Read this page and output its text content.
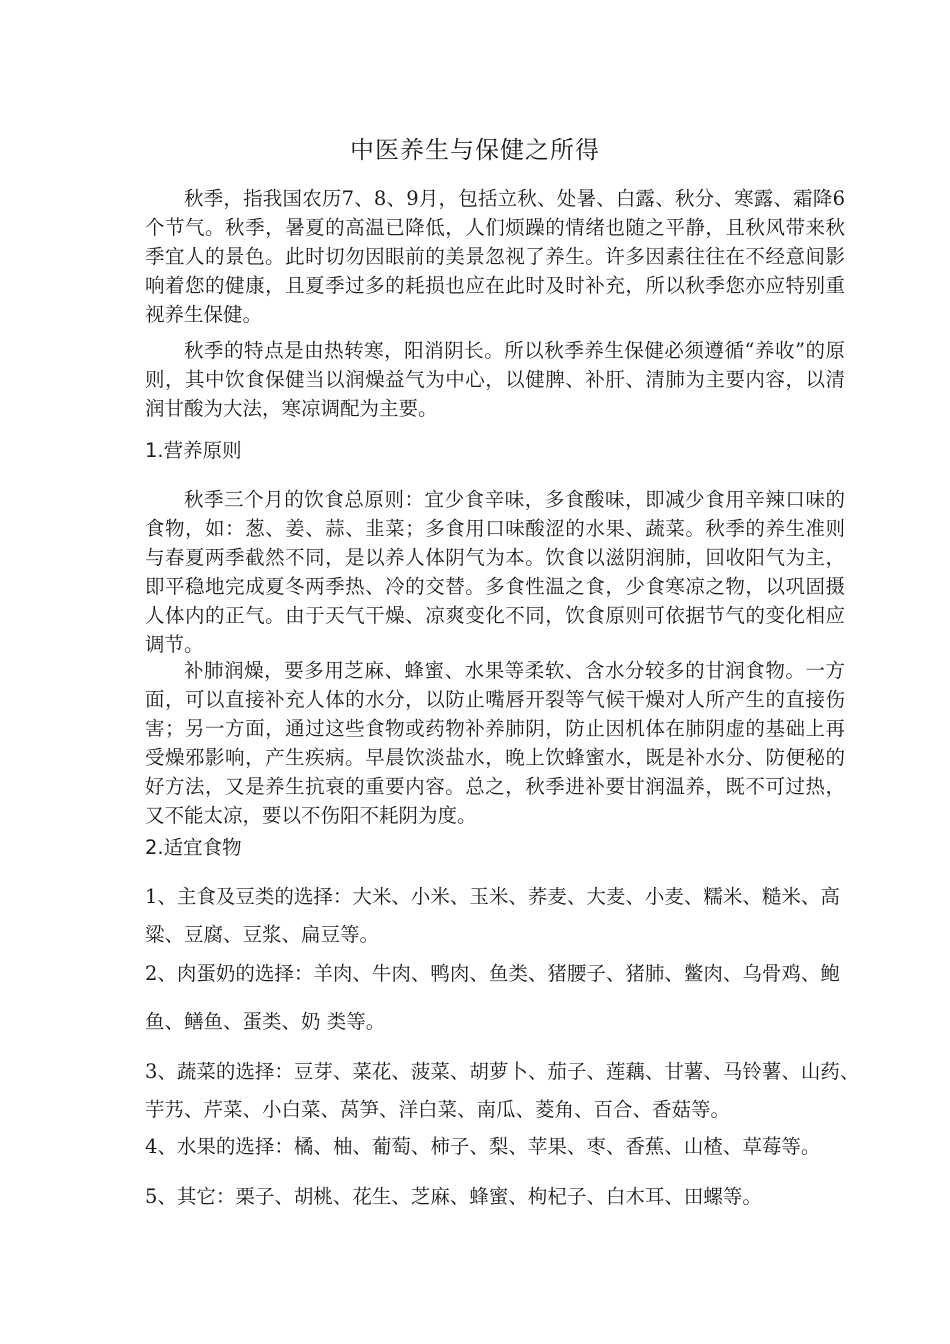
中医养生与保健之所得

秋季，指我国农历7、8、9月，包括立秋、处暑、白露、秋分、寒露、霜降6个节气。秋季，暑夏的高温已降低，人们烦躁的情绪也随之平静，且秋风带来秋季宜人的景色。此时切勿因眼前的美景忽视了养生。许多因素往往在不经意间影响着您的健康，且夏季过多的耗损也应在此时及时补充，所以秋季您亦应特别重视养生保健。

秋季的特点是由热转寒，阳消阴长。所以秋季养生保健必须遵循“养收”的原则，其中饮食保健当以润燥益气为中心，以健脾、补肝、清肺为主要内容，以清润甘酸为大法，寒凉调配为主要。

1.营养原则

秋季三个月的饮食总原则：宜少食辛味，多食酸味，即减少食用辛辣口味的食物，如：葱、姜、蒜、韭菜；多食用口味酸涩的水果、蔬菜。秋季的养生准则与春夏两季截然不同，是以养人体阴气为本。饮食以滋阴润肺，回收阳气为主，即平稳地完成夏冬两季热、冷的交替。多食性温之食，少食寒凉之物，以巩固摄人体内的正气。由于天气干燥、凉爽变化不同，饮食原则可依据节气的变化相应调节。

补肺润燥，要多用芝麻、蜂蜜、水果等柔软、含水分较多的甘润食物。一方面，可以直接补充人体的水分，以防止嘴唇开裂等气候干燥对人所产生的直接伤害；另一方面，通过这些食物或药物补养肺阴，防止因机体在肺阴虚的基础上再受燥邪影响，产生疾病。早晨饮淡盐水，晚上饮蜂蜜水，既是补水分、防便秘的好方法，又是养生抗衰的重要内容。总之，秋季进补要甘润温养，既不可过热，又不能太凉，要以不伤阳不耗阴为度。

2.适宜食物
1、主食及豆类的选择：大米、小米、玉米、荞麦、大麦、小麦、糯米、糙米、高
粱、豆腐、豆浆、扁豆等。
2、肉蛋奶的选择：羊肉、牛肉、鸭肉、鱼类、猪腰子、猪肺、鳖肉、乌骨鸡、鲍
鱼、鳝鱼、蛋类、奶 类等。
3、蔬菜的选择：豆芽、菜花、菠菜、胡萝卜、茄子、莲藕、甘薯、马铃薯、山药、
芋艿、芹菜、小白菜、莴笋、洋白菜、南瓜、菱角、百合、香菇等。
4、水果的选择：橘、柚、葡萄、柿子、梨、苹果、枣、香蕉、山楂、草莓等。
5、其它：栗子、胡桃、花生、芝麻、蜂蜜、枸杞子、白木耳、田螺等。
